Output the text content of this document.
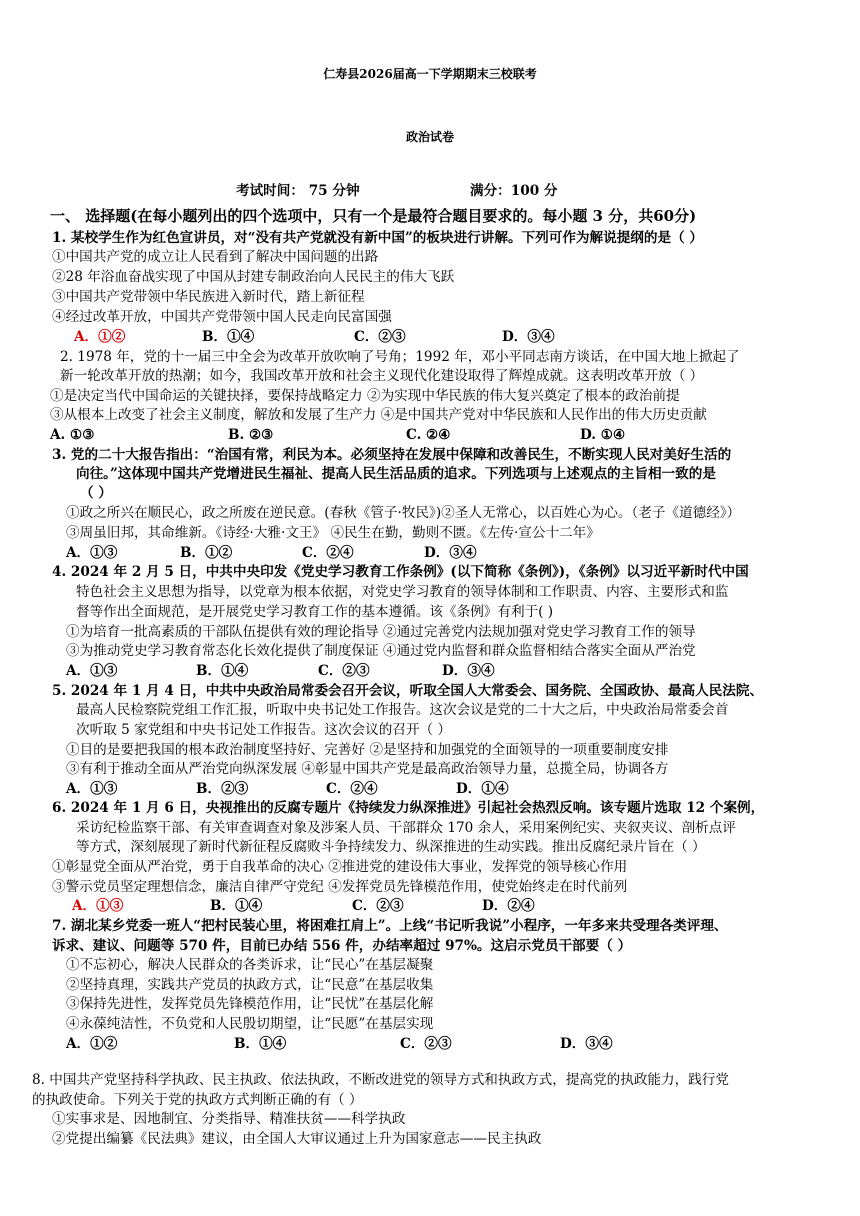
仁寿县2026届高一下学期期末三校联考
政治试卷
考试时间： 75 分钟	满分：100 分
一、 选择题(在每小题列出的四个选项中，只有一个是最符合题目要求的。每小题 3 分，共60分)
1. 某校学生作为红色宣讲员，对“没有共产党就没有新中国”的板块进行讲解。下列可作为解说提纲的是（ ）
①中国共产党的成立让人民看到了解决中国问题的出路
②28 年浴血奋战实现了中国从封建专制政治向人民民主的伟大飞跃
③中国共产党带领中华民族进入新时代，踏上新征程
④经过改革开放，中国共产党带领中国人民走向民富国强
A．①②	B．①④	C．②③	D．③④
2. 1978 年，党的十一届三中全会为改革开放吹响了号角；1992 年，邓小平同志南方谈话，在中国大地上掀起了
新一轮改革开放的热潮；如今，我国改革开放和社会主义现代化建设取得了辉煌成就。这表明改革开放（ ）
①是决定当代中国命运的关键抉择，要保持战略定力 ②为实现中华民族的伟大复兴奠定了根本的政治前提
③从根本上改变了社会主义制度，解放和发展了生产力 ④是中国共产党对中华民族和人民作出的伟大历史贡献
A. ①③	B. ②③	C. ②④	D. ①④
3. 党的二十大报告指出：“治国有常，利民为本。必须坚持在发展中保障和改善民生，不断实现人民对美好生活的
向往。”这体现中国共产党增进民生福祉、提高人民生活品质的追求。下列选项与上述观点的主旨相一致的是
（ ）
①政之所兴在顺民心，政之所废在逆民意。(春秋《管子·牧民》)②圣人无常心，以百姓心为心。（老子《道德经》）
③周虽旧邦，其命维新。《诗经·大雅·文王》 ④民生在勤，勤则不匮。《左传·宣公十二年》
A．①③	B．①②	C．②④	D．③④
4. 2024 年 2 月 5 日，中共中央印发《党史学习教育工作条例》(以下简称《条例》)，《条例》以习近平新时代中国
特色社会主义思想为指导，以党章为根本依据，对党史学习教育的领导体制和工作职责、内容、主要形式和监
督等作出全面规范，是开展党史学习教育工作的基本遵循。该《条例》有利于( )
①为培育一批高素质的干部队伍提供有效的理论指导 ②通过完善党内法规加强对党史学习教育工作的领导
③为推动党史学习教育常态化长效化提供了制度保证 ④通过党内监督和群众监督相结合落实全面从严治党
A．①③	B．①④	C．②③	D．③④
5. 2024 年 1 月 4 日，中共中央政治局常委会召开会议，听取全国人大常委会、国务院、全国政协、最高人民法院、
最高人民检察院党组工作汇报，听取中央书记处工作报告。这次会议是党的二十大之后，中央政治局常委会首
次听取 5 家党组和中央书记处工作报告。这次会议的召开（ ）
①目的是要把我国的根本政治制度坚持好、完善好 ②是坚持和加强党的全面领导的一项重要制度安排
③有利于推动全面从严治党向纵深发展 ④彰显中国共产党是最高政治领导力量，总揽全局，协调各方
A．①③	B．②③	C．②④	D．①④
6. 2024 年 1 月 6 日，央视推出的反腐专题片《持续发力纵深推进》引起社会热烈反响。该专题片选取 12 个案例，
采访纪检监察干部、有关审查调查对象及涉案人员、干部群众 170 余人，采用案例纪实、夹叙夹议、剖析点评
等方式，深刻展现了新时代新征程反腐败斗争持续发力、纵深推进的生动实践。推出反腐纪录片旨在（ ）
①彰显党全面从严治党，勇于自我革命的决心 ②推进党的建设伟大事业，发挥党的领导核心作用
③警示党员坚定理想信念，廉洁自律严守党纪 ④发挥党员先锋模范作用，使党始终走在时代前列
A．①③	B．①④	C．②③	D．②④
7. 湖北某乡党委一班人“把村民装心里，将困难扛肩上”。上线“书记听我说”小程序，一年多来共受理各类评理、
诉求、建议、问题等 570 件，目前已办结 556 件，办结率超过 97%。这启示党员干部要（ ）
①不忘初心，解决人民群众的各类诉求，让“民心”在基层凝聚
②坚持真理，实践共产党员的执政方式，让“民意”在基层收集
③保持先进性，发挥党员先锋模范作用，让“民忧”在基层化解
④永葆纯洁性，不负党和人民殷切期望，让“民愿”在基层实现
A．①②	B．①④	C．②③	D．③④
8. 中国共产党坚持科学执政、民主执政、依法执政，不断改进党的领导方式和执政方式，提高党的执政能力，践行党
的执政使命。下列关于党的执政方式判断正确的有（ ）
①实事求是、因地制宜、分类指导、精准扶贫——科学执政
②党提出编纂《民法典》建议，由全国人大审议通过上升为国家意志——民主执政
